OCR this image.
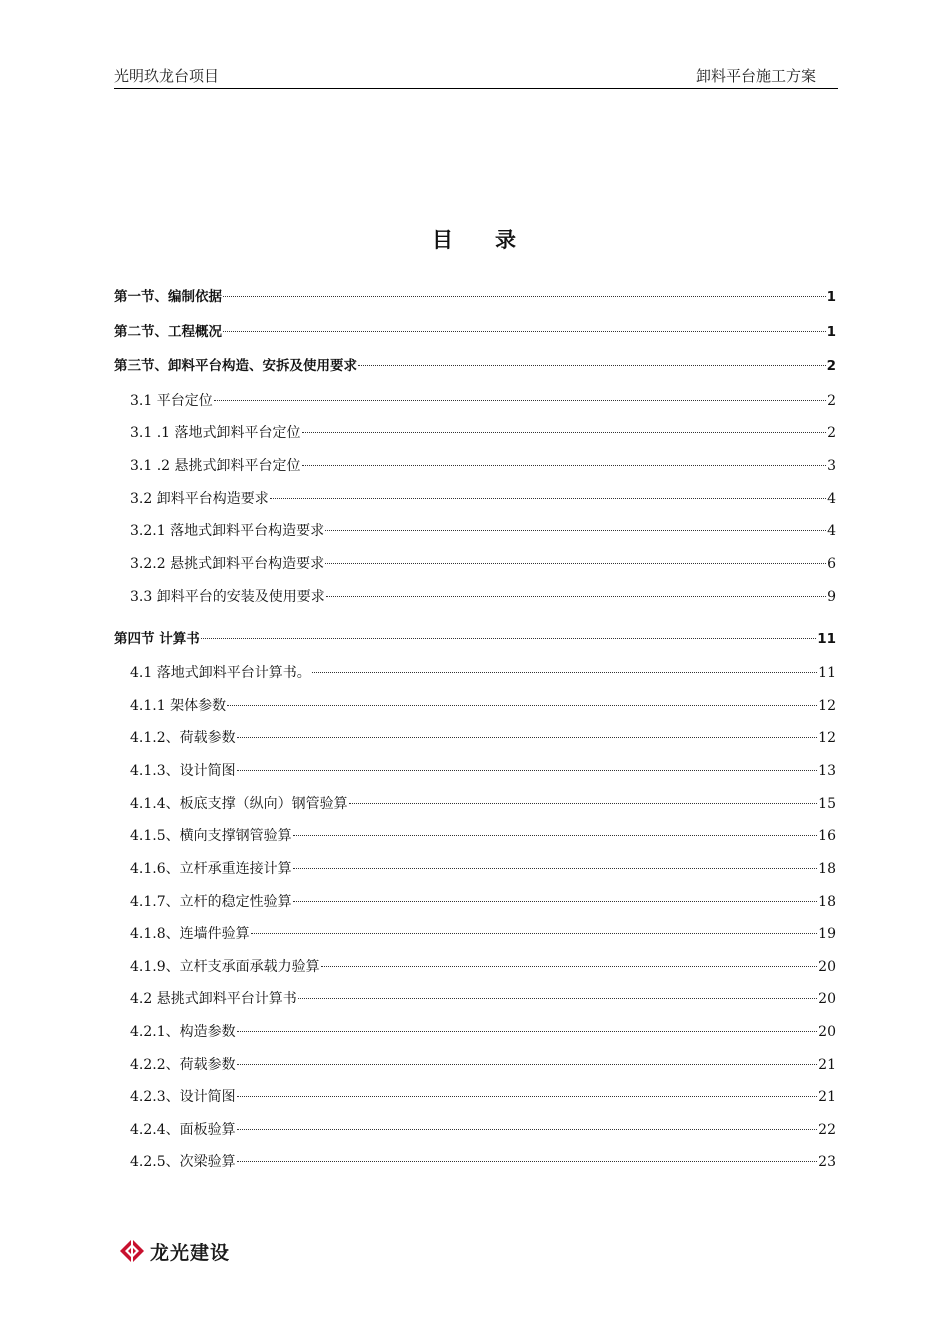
光明玖龙台项目	卸料平台施工方案
目 录
第一节、编制依据	1
第二节、工程概况	1
第三节、卸料平台构造、安拆及使用要求	2
3.1 平台定位	2
3.1 .1 落地式卸料平台定位	2
3.1 .2 悬挑式卸料平台定位	3
3.2 卸料平台构造要求	4
3.2.1 落地式卸料平台构造要求	4
3.2.2 悬挑式卸料平台构造要求	6
3.3 卸料平台的安装及使用要求	9
第四节 计算书	11
4.1 落地式卸料平台计算书。	11
4.1.1 架体参数	12
4.1.2、荷载参数	12
4.1.3、设计简图	13
4.1.4、板底支撑（纵向）钢管验算	15
4.1.5、横向支撑钢管验算	16
4.1.6、立杆承重连接计算	18
4.1.7、立杆的稳定性验算	18
4.1.8、连墙件验算	19
4.1.9、立杆支承面承载力验算	20
4.2 悬挑式卸料平台计算书	20
4.2.1、构造参数	20
4.2.2、荷载参数	21
4.2.3、设计简图	21
4.2.4、面板验算	22
4.2.5、次梁验算	23
龙光建设
